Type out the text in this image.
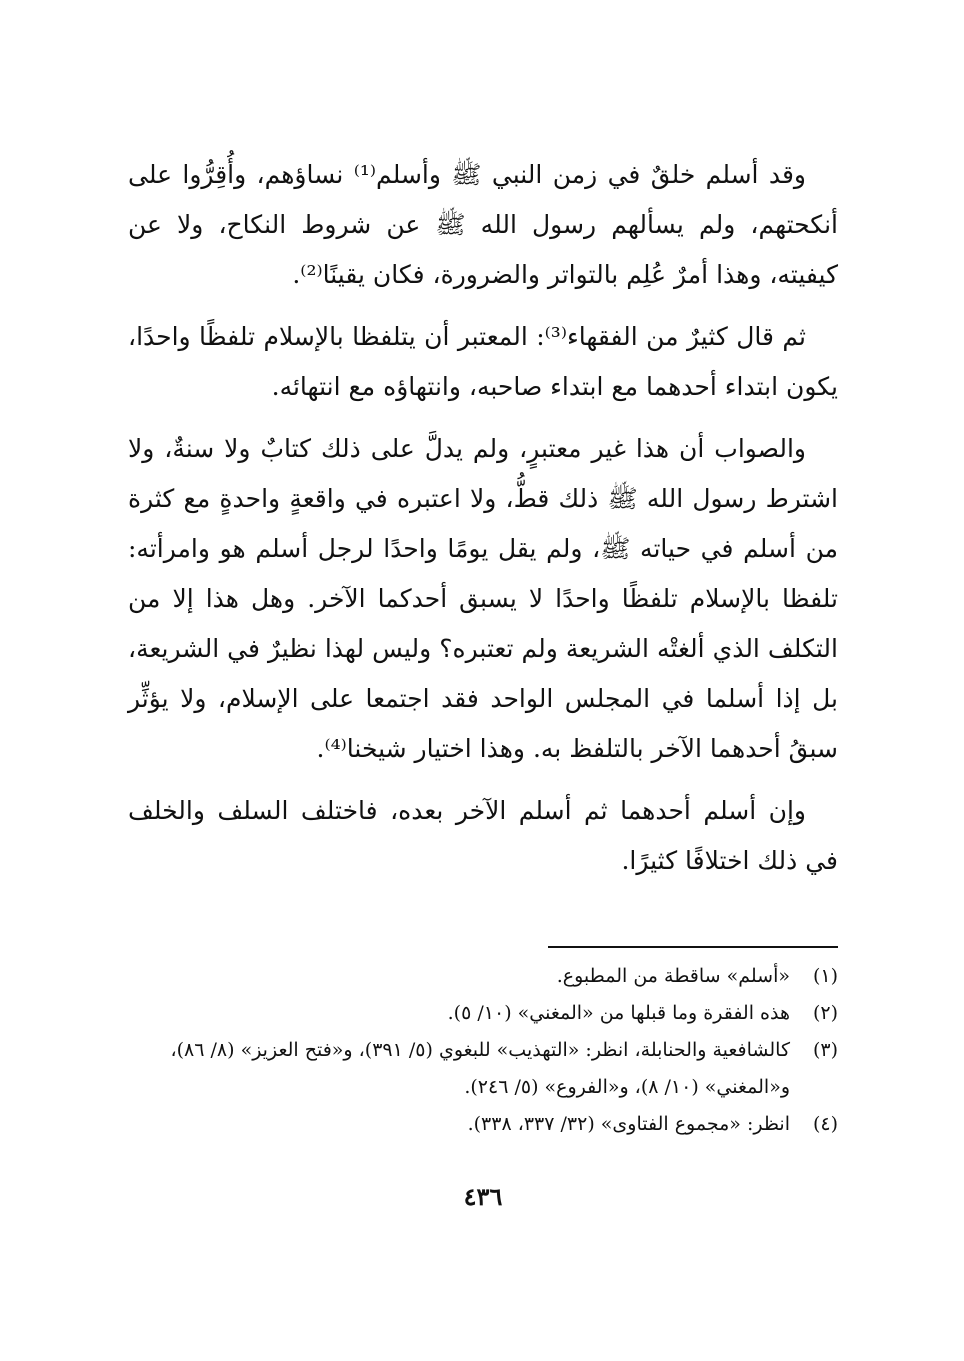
وقد أسلم خلقٌ في زمن النبي ﷺ وأسلم⁽¹⁾ نساؤهم، وأُقِرُّوا على أنكحتهم، ولم يسألهم رسول الله ﷺ عن شروط النكاح، ولا عن كيفيته، وهذا أمرٌ عُلِم بالتواتر والضرورة، فكان يقينًا⁽²⁾.

ثم قال كثيرٌ من الفقهاء⁽³⁾: المعتبر أن يتلفظا بالإسلام تلفظًا واحدًا، يكون ابتداء أحدهما مع ابتداء صاحبه، وانتهاؤه مع انتهائه.

والصواب أن هذا غير معتبرٍ، ولم يدلَّ على ذلك كتابٌ ولا سنةٌ، ولا اشترط رسول الله ﷺ ذلك قطُّ، ولا اعتبره في واقعةٍ واحدةٍ مع كثرة من أسلم في حياته ﷺ، ولم يقل يومًا واحدًا لرجل أسلم هو وامرأته: تلفظا بالإسلام تلفظًا واحدًا لا يسبق أحدكما الآخر. وهل هذا إلا من التكلف الذي ألغتْه الشريعة ولم تعتبره؟ وليس لهذا نظيرٌ في الشريعة، بل إذا أسلما في المجلس الواحد فقد اجتمعا على الإسلام، ولا يؤثِّر سبقُ أحدهما الآخر بالتلفظ به. وهذا اختيار شيخنا⁽⁴⁾.

وإن أسلم أحدهما ثم أسلم الآخر بعده، فاختلف السلف والخلف في ذلك اختلافًا كثيرًا.

(١)
«أسلم» ساقطة من المطبوع.
(٢)
هذه الفقرة وما قبلها من «المغني» (١٠/ ٥).
(٣)
كالشافعية والحنابلة، انظر: «التهذيب» للبغوي (٥/ ٣٩١)، و«فتح العزيز» (٨/ ٨٦)، و«المغني» (١٠/ ٨)، و«الفروع» (٥/ ٢٤٦).
(٤)
انظر: «مجموع الفتاوى» (٣٢/ ٣٣٧، ٣٣٨).
٤٣٦
